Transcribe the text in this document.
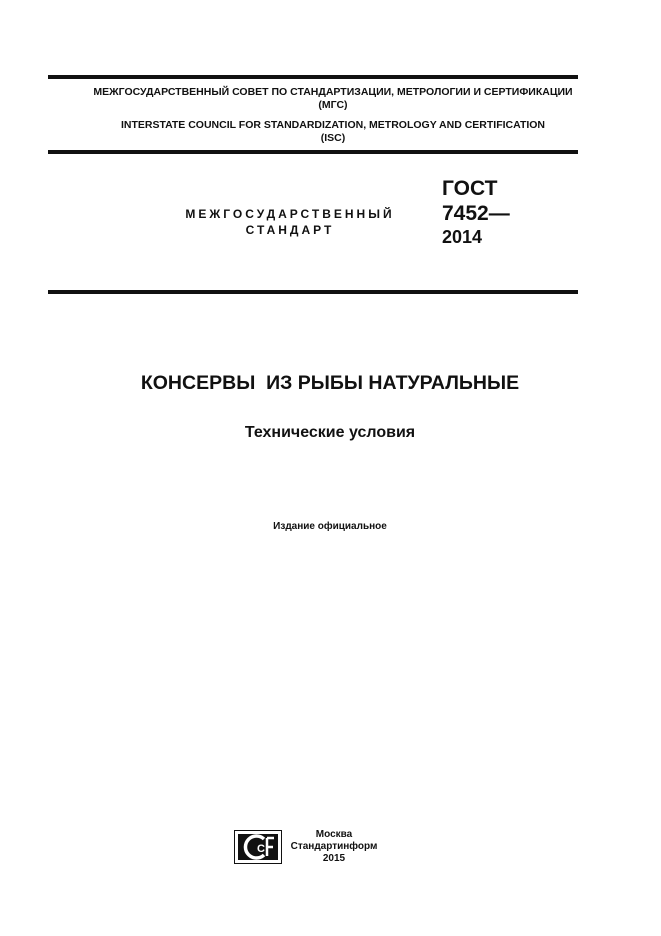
МЕЖГОСУДАРСТВЕННЫЙ СОВЕТ ПО СТАНДАРТИЗАЦИИ, МЕТРОЛОГИИ И СЕРТИФИКАЦИИ
(МГС)
INTERSTATE COUNCIL FOR STANDARDIZATION, METROLOGY AND CERTIFICATION
(ISC)
МЕЖГОСУДАРСТВЕННЫЙ
СТАНДАРТ
ГОСТ
7452—
2014
КОНСЕРВЫ  ИЗ РЫБЫ НАТУРАЛЬНЫЕ
Технические условия
Издание официальное
С
Москва
Стандартинформ
2015
